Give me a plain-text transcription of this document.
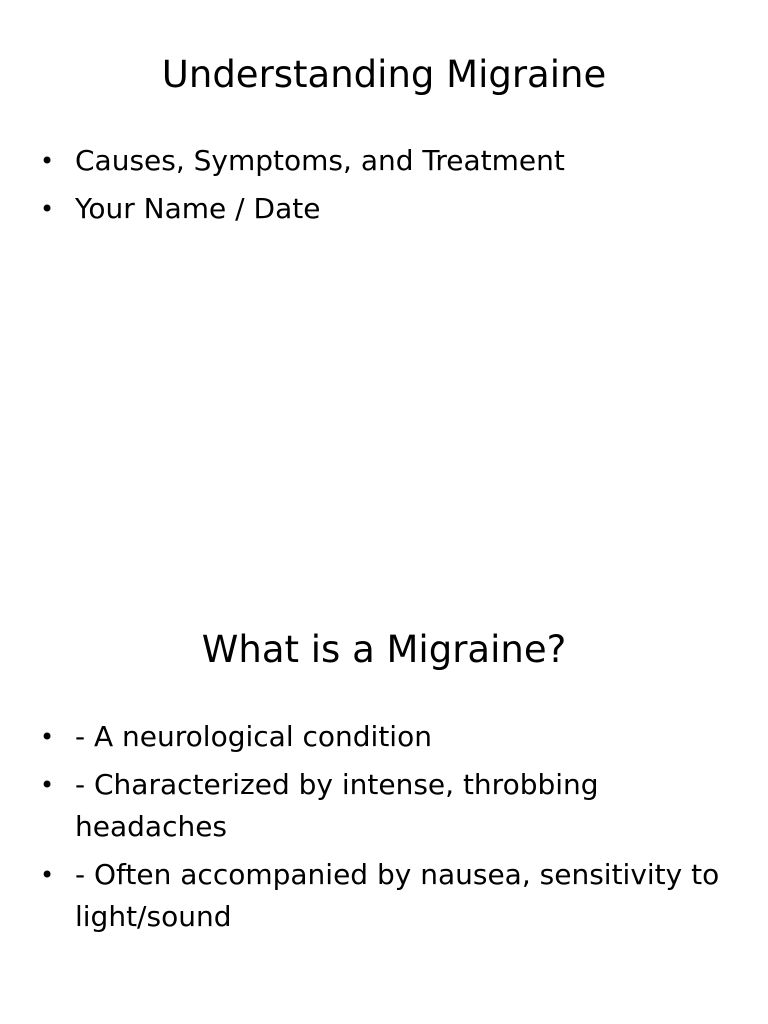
Understanding Migraine
• Causes, Symptoms, and Treatment
• Your Name / Date
What is a Migraine?
• - A neurological condition
• - Characterized by intense, throbbing headaches
• - Often accompanied by nausea, sensitivity to light/sound
